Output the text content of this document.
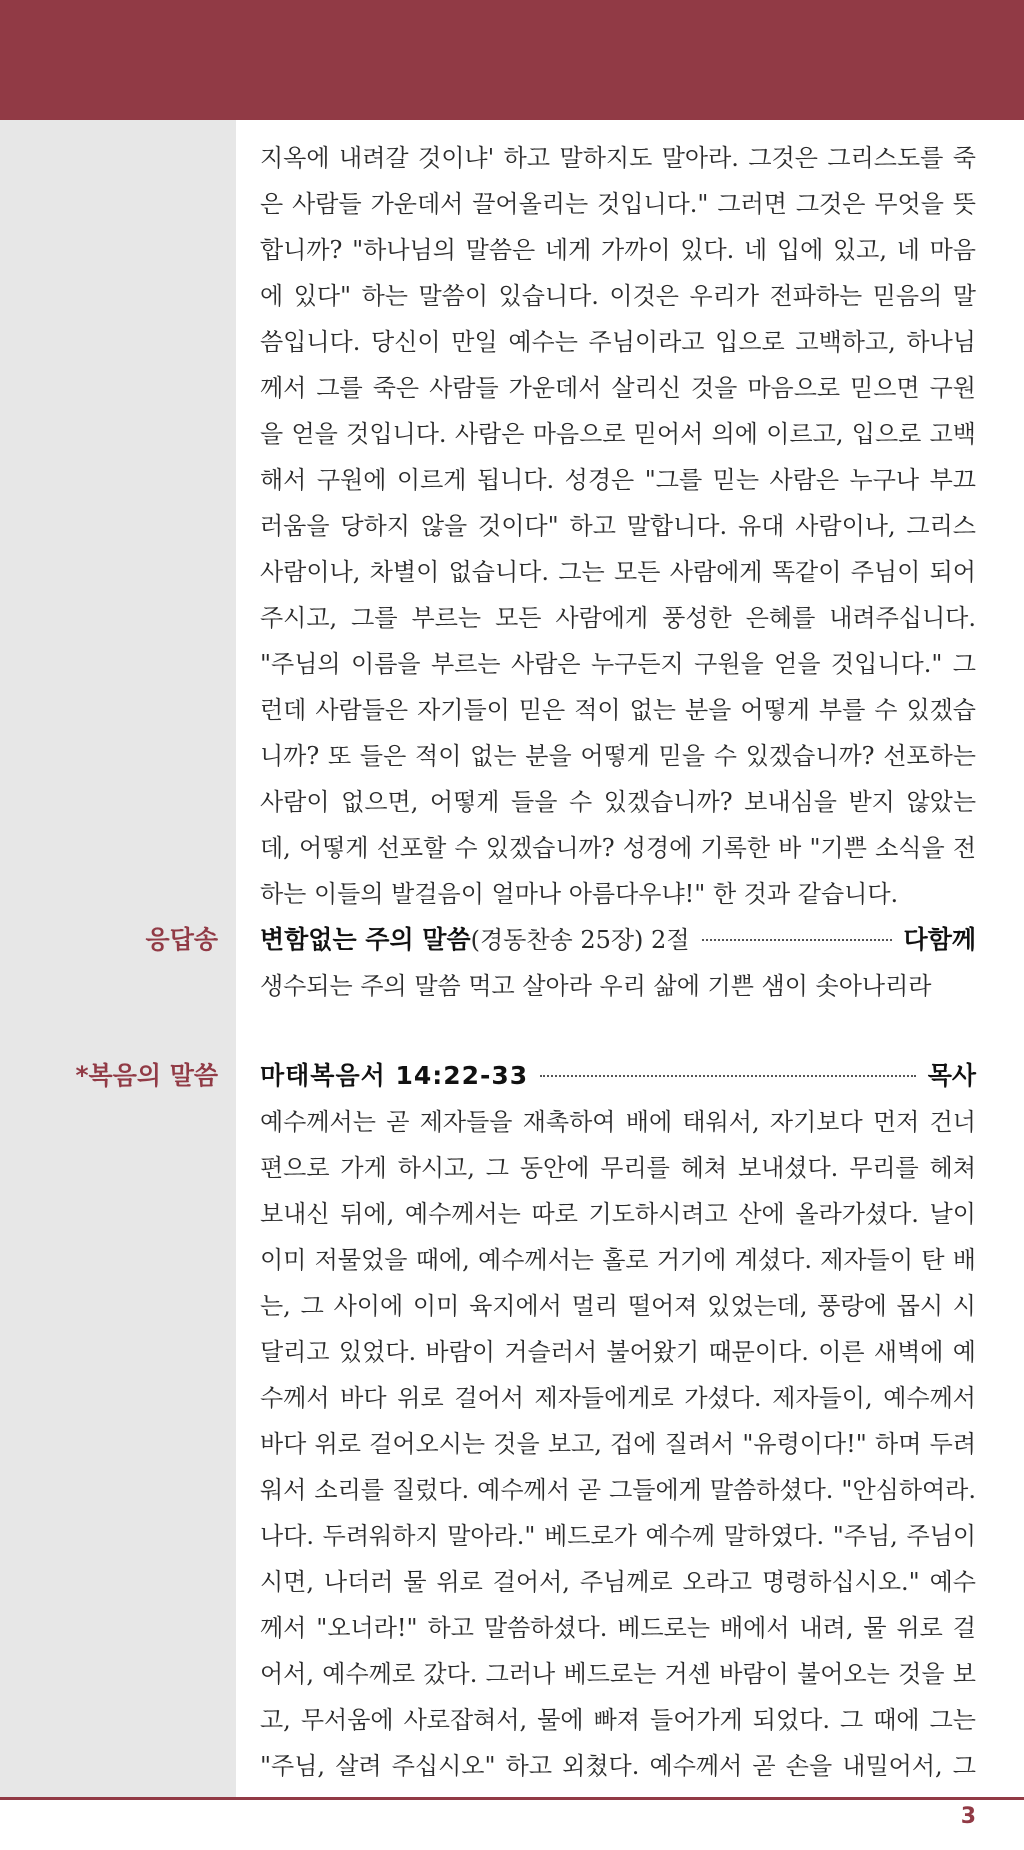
지옥에 내려갈 것이냐' 하고 말하지도 말아라. 그것은 그리스도를 죽
은 사람들 가운데서 끌어올리는 것입니다." 그러면 그것은 무엇을 뜻
합니까? "하나님의 말씀은 네게 가까이 있다. 네 입에 있고, 네 마음
에 있다" 하는 말씀이 있습니다. 이것은 우리가 전파하는 믿음의 말
씀입니다. 당신이 만일 예수는 주님이라고 입으로 고백하고, 하나님
께서 그를 죽은 사람들 가운데서 살리신 것을 마음으로 믿으면 구원
을 얻을 것입니다. 사람은 마음으로 믿어서 의에 이르고, 입으로 고백
해서 구원에 이르게 됩니다. 성경은 "그를 믿는 사람은 누구나 부끄
러움을 당하지 않을 것이다" 하고 말합니다. 유대 사람이나, 그리스
사람이나, 차별이 없습니다. 그는 모든 사람에게 똑같이 주님이 되어
주시고, 그를 부르는 모든 사람에게 풍성한 은혜를 내려주십니다.
"주님의 이름을 부르는 사람은 누구든지 구원을 얻을 것입니다." 그
런데 사람들은 자기들이 믿은 적이 없는 분을 어떻게 부를 수 있겠습
니까? 또 들은 적이 없는 분을 어떻게 믿을 수 있겠습니까? 선포하는
사람이 없으면, 어떻게 들을 수 있겠습니까? 보내심을 받지 않았는
데, 어떻게 선포할 수 있겠습니까? 성경에 기록한 바 "기쁜 소식을 전
하는 이들의 발걸음이 얼마나 아름다우냐!" 한 것과 같습니다.
응답송 변함없는 주의 말씀 (경동찬송 25장) 2절	다함께
생수되는 주의 말씀 먹고 살아라 우리 삶에 기쁜 샘이 솟아나리라
*복음의 말씀 마태복음서 14:22-33	목사
예수께서는 곧 제자들을 재촉하여 배에 태워서, 자기보다 먼저 건너
편으로 가게 하시고, 그 동안에 무리를 헤쳐 보내셨다. 무리를 헤쳐
보내신 뒤에, 예수께서는 따로 기도하시려고 산에 올라가셨다. 날이
이미 저물었을 때에, 예수께서는 홀로 거기에 계셨다. 제자들이 탄 배
는, 그 사이에 이미 육지에서 멀리 떨어져 있었는데, 풍랑에 몹시 시
달리고 있었다. 바람이 거슬러서 불어왔기 때문이다. 이른 새벽에 예
수께서 바다 위로 걸어서 제자들에게로 가셨다. 제자들이, 예수께서
바다 위로 걸어오시는 것을 보고, 겁에 질려서 "유령이다!" 하며 두려
워서 소리를 질렀다. 예수께서 곧 그들에게 말씀하셨다. "안심하여라.
나다. 두려워하지 말아라." 베드로가 예수께 말하였다. "주님, 주님이
시면, 나더러 물 위로 걸어서, 주님께로 오라고 명령하십시오." 예수
께서 "오너라!" 하고 말씀하셨다. 베드로는 배에서 내려, 물 위로 걸
어서, 예수께로 갔다. 그러나 베드로는 거센 바람이 불어오는 것을 보
고, 무서움에 사로잡혀서, 물에 빠져 들어가게 되었다. 그 때에 그는
"주님, 살려 주십시오" 하고 외쳤다. 예수께서 곧 손을 내밀어서, 그
3
